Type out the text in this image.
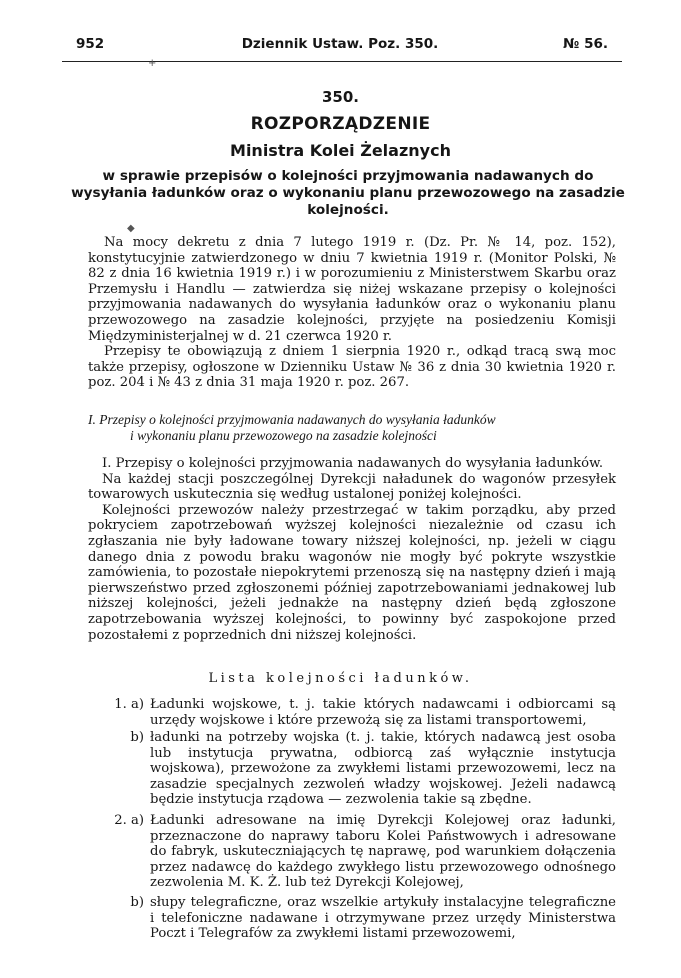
952	Dziennik Ustaw. Poz. 350.	№ 56.
350.
ROZPORZĄDZENIE
Ministra Kolei Żelaznych
w sprawie przepisów o kolejności przyjmowania nadawanych do wysyłania ładunków oraz o wykonaniu planu przewozowego na zasadzie kolejności.

Na mocy dekretu z dnia 7 lutego 1919 r. (Dz. Pr. № 14, poz. 152), konstytucyjnie zatwierdzonego w dniu 7 kwietnia 1919 r. (Monitor Polski, № 82 z dnia 16 kwietnia 1919 r.) i w porozumieniu z Ministerstwem Skarbu oraz Przemysłu i Handlu — zatwierdza się niżej wskazane przepisy o kolejności przyjmowania nadawanych do wysyłania ładunków oraz o wykonaniu planu przewozowego na zasadzie kolejności, przyjęte na posiedzeniu Komisji Międzyministerjalnej w d. 21 czerwca 1920 r.

Przepisy te obowiązują z dniem 1 sierpnia 1920 r., odkąd tracą swą moc także przepisy, ogłoszone w Dzienniku Ustaw № 36 z dnia 30 kwietnia 1920 r. poz. 204 i № 43 z dnia 31 maja 1920 r. poz. 267.

I. Przepisy o kolejności przyjmowania nadawanych do wysyłania ładunków
i wykonaniu planu przewozowego na zasadzie kolejności

I. Przepisy o kolejności przyjmowania nadawanych do wysyłania ładunków.

Na każdej stacji poszczególnej Dyrekcji naładunek do wagonów przesyłek towarowych uskutecznia się według ustalonej poniżej kolejności.

Kolejności przewozów należy przestrzegać w takim porządku, aby przed pokryciem zapotrzebowań wyższej kolejności niezależnie od czasu ich zgłaszania nie były ładowane towary niższej kolejności, np. jeżeli w ciągu danego dnia z powodu braku wagonów nie mogły być pokryte wszystkie zamówienia, to pozostałe niepokrytemi przenoszą się na następny dzień i mają pierwszeństwo przed zgłoszonemi później zapotrzebowaniami jednakowej lub niższej kolejności, jeżeli jednakże na następny dzień będą zgłoszone zapotrzebowania wyższej kolejności, to powinny być zaspokojone przed pozostałemi z poprzednich dni niższej kolejności.

Lista kolejności ładunków.
1. a) Ładunki wojskowe, t. j. takie których nadawcami i odbiorcami są urzędy wojskowe i które przewożą się za listami transportowemi,
b) ładunki na potrzeby wojska (t. j. takie, których nadawcą jest osoba lub instytucja prywatna, odbiorcą zaś wyłącznie instytucja wojskowa), przewożone za zwykłemi listami przewozowemi, lecz na zasadzie specjalnych zezwoleń władzy wojskowej. Jeżeli nadawcą będzie instytucja rządowa — zezwolenia takie są zbędne.
2. a) Ładunki adresowane na imię Dyrekcji Kolejowej oraz ładunki, przeznaczone do naprawy taboru Kolei Państwowych i adresowane do fabryk, uskuteczniających tę naprawę, pod warunkiem dołączenia przez nadawcę do każdego zwykłego listu przewozowego odnośnego zezwolenia M. K. Ż. lub też Dyrekcji Kolejowej,
b) słupy telegraficzne, oraz wszelkie artykuły instalacyjne telegraficzne i telefoniczne nadawane i otrzymywane przez urzędy Ministerstwa Poczt i Telegrafów za zwykłemi listami przewozowemi,
◆
+
